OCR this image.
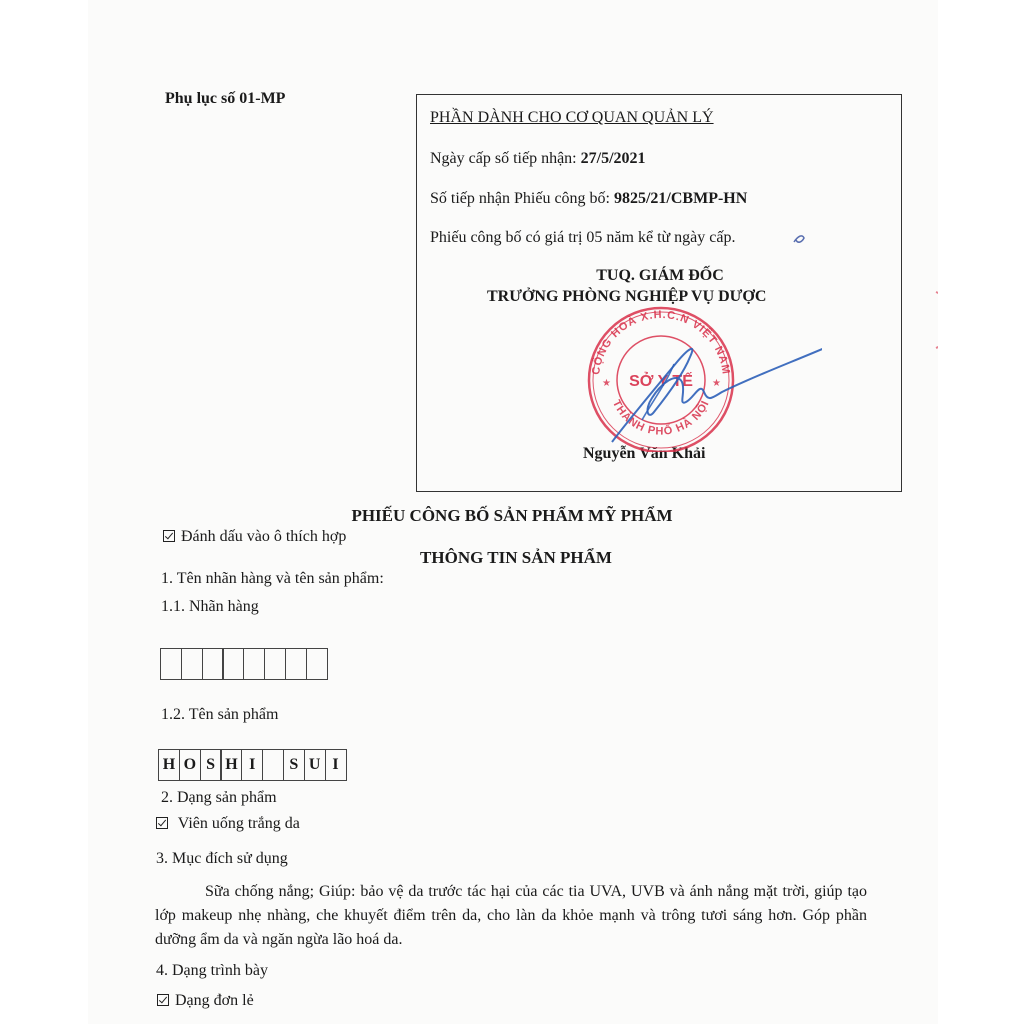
Phụ lục số 01-MP
PHẦN DÀNH CHO CƠ QUAN QUẢN LÝ
Ngày cấp số tiếp nhận: 27/5/2021
Số tiếp nhận Phiếu công bố: 9825/21/CBMP-HN
Phiếu công bố có giá trị 05 năm kể từ ngày cấp.
TUQ. GIÁM ĐỐC
TRƯỞNG PHÒNG NGHIỆP VỤ DƯỢC
Nguyễn Văn Khải
CỘNG HOÀ X.H.C.N VIỆT NAM
THÀNH PHỐ HÀ NỘI
SỞ Y TẾ
★	★
PHIẾU CÔNG BỐ SẢN PHẨM MỸ PHẨM
Đánh dấu vào ô thích hợp
THÔNG TIN SẢN PHẨM
1. Tên nhãn hàng và tên sản phẩm:
1.1. Nhãn hàng
1.2. Tên sản phẩm
H O S H I	S U I
2. Dạng sản phẩm
Viên uống trắng da
3. Mục đích sử dụng

Sữa chống nắng; Giúp: bảo vệ da trước tác hại của các tia UVA, UVB và ánh nắng mặt trời, giúp tạo lớp makeup nhẹ nhàng, che khuyết điểm trên da, cho làn da khỏe mạnh và trông tươi sáng hơn. Góp phần dưỡng ẩm da và ngăn ngừa lão hoá da.

4. Dạng trình bày
Dạng đơn lẻ
